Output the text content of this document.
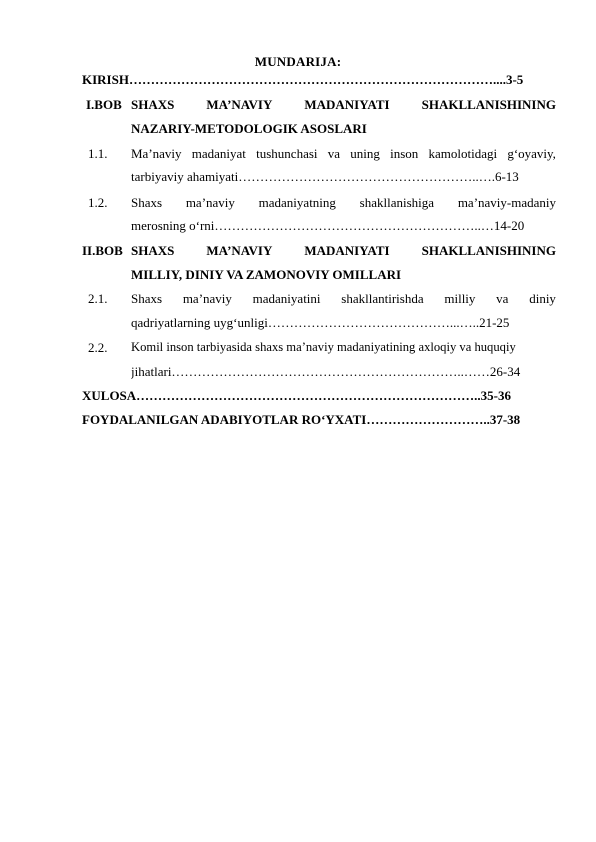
MUNDARIJA:
KIRISH…………………………………………………………………………....3-5
I.BOB SHAXS MA’NAVIY MADANIYATI SHAKLLANISHINING
NAZARIY-METODOLOGIK ASOSLARI
1.1. Ma’naviy madaniyat tushunchasi va uning inson kamolotidagi g‘oyaviy,
tarbiyaviy ahamiyati………………………………………………..….6-13
1.2. Shaxs ma’naviy madaniyatning shakllanishiga ma’naviy-madaniy
merosning o‘rni……………………………………………………..…14-20
II.BOB SHAXS MA’NAVIY MADANIYATI SHAKLLANISHINING
MILLIY, DINIY VA ZAMONOVIY OMILLARI
2.1. Shaxs ma’naviy madaniyatini shakllantirishda milliy va diniy
qadriyatlarning uyg‘unligi……………………………………...…..21-25
2.2. Komil inson tarbiyasida shaxs ma’naviy madaniyatining axloqiy va huquqiy
jihatlari…………………………………………………………..……26-34
XULOSA……………………………………………………………………..35-36
FOYDALANILGAN ADABIYOTLAR RO‘YXATI………………………..37-38
